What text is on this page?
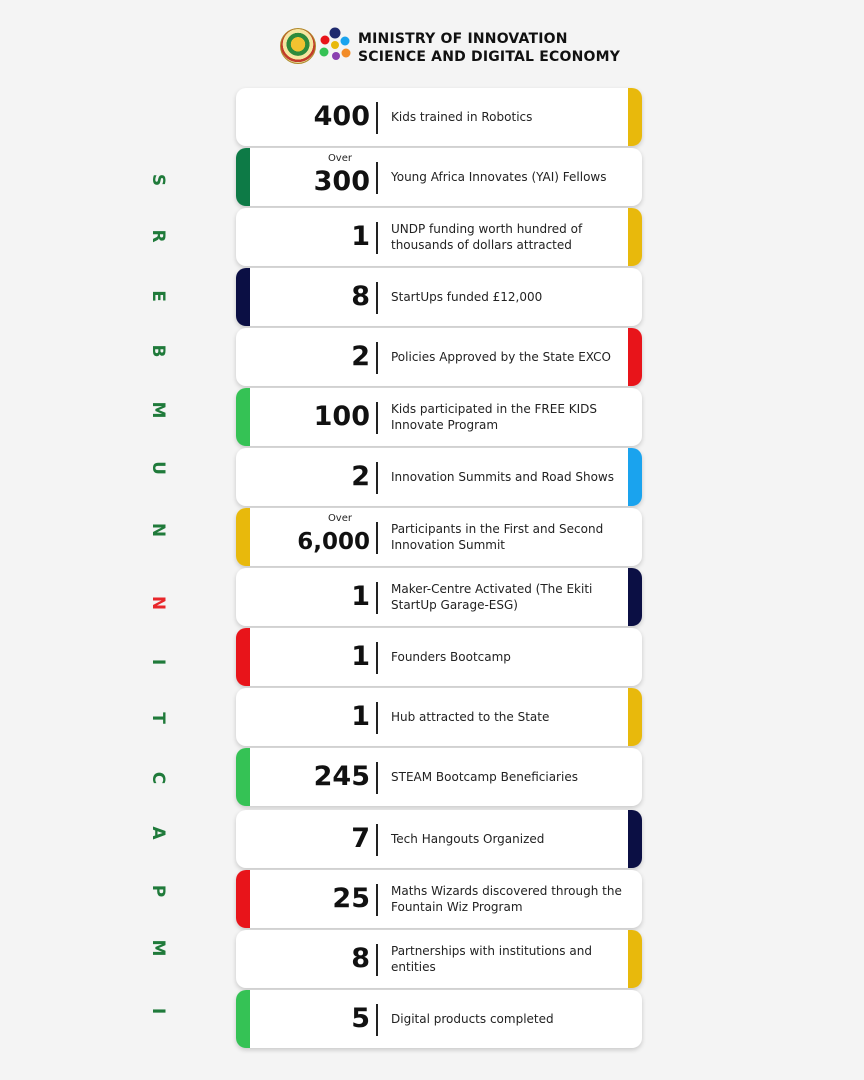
MINISTRY OF INNOVATION
SCIENCE AND DIGITAL ECONOMY
S
R
E
B
M
U
N
N
I
T
C
A
P
M
I
400 Kids trained in Robotics
Over
300 Young Africa Innovates (YAI) Fellows
1 UNDP funding worth hundred of thousands of dollars attracted
8 StartUps funded £12,000
2 Policies Approved by the State EXCO
100 Kids participated in the FREE KIDS Innovate Program
2 Innovation Summits and Road Shows
Over
6,000 Participants in the First and Second Innovation Summit
1 Maker-Centre Activated (The Ekiti StartUp Garage-ESG)
1 Founders Bootcamp
1 Hub attracted to the State
245 STEAM Bootcamp Beneficiaries
7 Tech Hangouts Organized
25 Maths Wizards discovered through the Fountain Wiz Program
8 Partnerships with institutions and entities
5 Digital products completed
